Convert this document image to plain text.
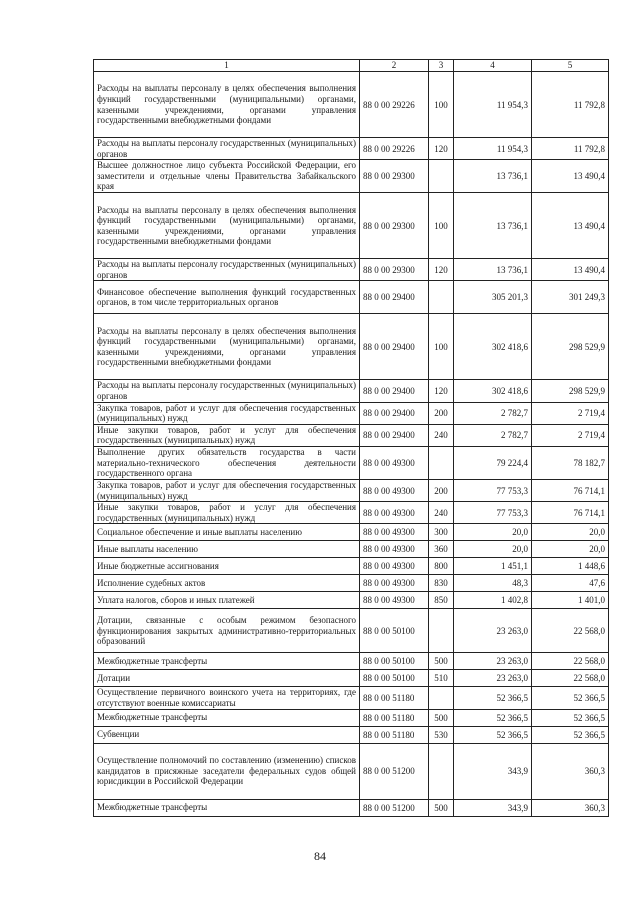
1	2	3	4	5
Расходы на выплаты персоналу в целях обеспечения выполнения функций государственными (муниципальными) органами, казенными учреждениями, органами управления государственными внебюджетными фондами	88 0 00 29226	100	11 954,3	11 792,8
Расходы на выплаты персоналу государственных (муниципальных) органов	88 0 00 29226	120	11 954,3	11 792,8
Высшее должностное лицо субъекта Российской Федерации, его заместители и отдельные члены Правительства Забайкальского края	88 0 00 29300		13 736,1	13 490,4
Расходы на выплаты персоналу в целях обеспечения выполнения функций государственными (муниципальными) органами, казенными учреждениями, органами управления государственными внебюджетными фондами	88 0 00 29300	100	13 736,1	13 490,4
Расходы на выплаты персоналу государственных (муниципальных) органов	88 0 00 29300	120	13 736,1	13 490,4
Финансовое обеспечение выполнения функций государственных органов, в том числе территориальных органов	88 0 00 29400		305 201,3	301 249,3
Расходы на выплаты персоналу в целях обеспечения выполнения функций государственными (муниципальными) органами, казенными учреждениями, органами управления государственными внебюджетными фондами	88 0 00 29400	100	302 418,6	298 529,9
Расходы на выплаты персоналу государственных (муниципальных) органов	88 0 00 29400	120	302 418,6	298 529,9
Закупка товаров, работ и услуг для обеспечения государственных (муниципальных) нужд	88 0 00 29400	200	2 782,7	2 719,4
Иные закупки товаров, работ и услуг для обеспечения государственных (муниципальных) нужд	88 0 00 29400	240	2 782,7	2 719,4
Выполнение других обязательств государства в части материально-технического обеспечения деятельности государственного органа	88 0 00 49300		79 224,4	78 182,7
Закупка товаров, работ и услуг для обеспечения государственных (муниципальных) нужд	88 0 00 49300	200	77 753,3	76 714,1
Иные закупки товаров, работ и услуг для обеспечения государственных (муниципальных) нужд	88 0 00 49300	240	77 753,3	76 714,1
Социальное обеспечение и иные выплаты населению	88 0 00 49300	300	20,0	20,0
Иные выплаты населению	88 0 00 49300	360	20,0	20,0
Иные бюджетные ассигнования	88 0 00 49300	800	1 451,1	1 448,6
Исполнение судебных актов	88 0 00 49300	830	48,3	47,6
Уплата налогов, сборов и иных платежей	88 0 00 49300	850	1 402,8	1 401,0
Дотации, связанные с особым режимом безопасного функционирования закрытых административно-территориальных образований	88 0 00 50100		23 263,0	22 568,0
Межбюджетные трансферты	88 0 00 50100	500	23 263,0	22 568,0
Дотации	88 0 00 50100	510	23 263,0	22 568,0
Осуществление первичного воинского учета на территориях, где отсутствуют военные комиссариаты	88 0 00 51180		52 366,5	52 366,5
Межбюджетные трансферты	88 0 00 51180	500	52 366,5	52 366,5
Субвенции	88 0 00 51180	530	52 366,5	52 366,5
Осуществление полномочий по составлению (изменению) списков кандидатов в присяжные заседатели федеральных судов общей юрисдикции в Российской Федерации	88 0 00 51200		343,9	360,3
Межбюджетные трансферты	88 0 00 51200	500	343,9	360,3
84
